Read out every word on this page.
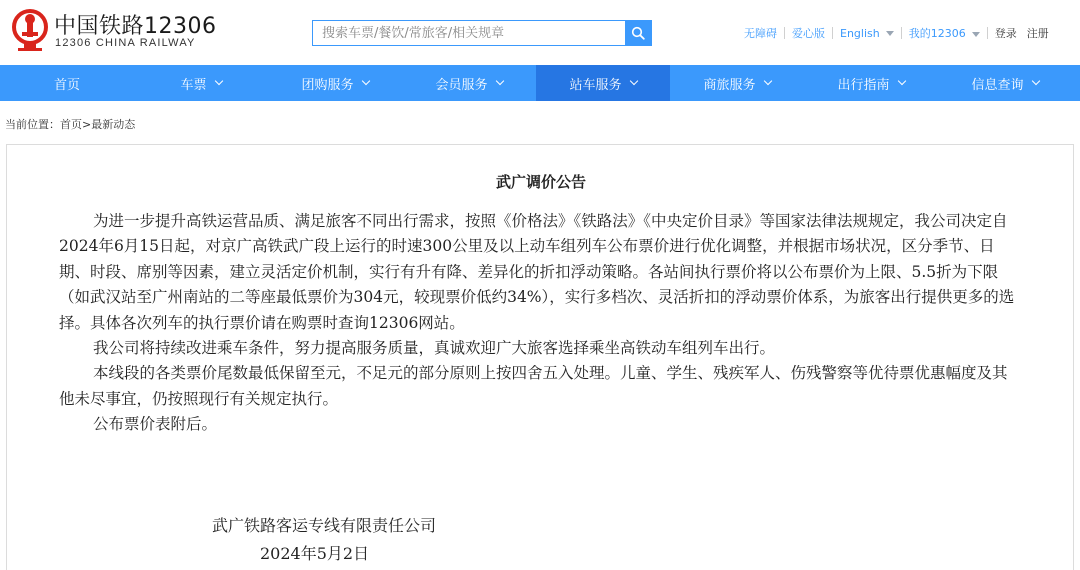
中国铁路12306
12306 CHINA RAILWAY
搜索车票/餐饮/常旅客/相关规章
无障碍 爱心版 English	我的12306	登录 注册
首页	车票	团购服务	会员服务	站车服务	商旅服务	出行指南	信息查询
当前位置：首页>最新动态
武广调价公告

为进一步提升高铁运营品质、满足旅客不同出行需求，按照《价格法》《铁路法》《中央定价目录》等国家法律法规规定，我公司决定自2024年6月15日起，对京广高铁武广段上运行的时速300公里及以上动车组列车公布票价进行优化调整，并根据市场状况，区分季节、日期、时段、席别等因素，建立灵活定价机制，实行有升有降、差异化的折扣浮动策略。各站间执行票价将以公布票价为上限、5.5折为下限（如武汉站至广州南站的二等座最低票价为304元，较现票价低约34%），实行多档次、灵活折扣的浮动票价体系，为旅客出行提供更多的选择。具体各次列车的执行票价请在购票时查询12306网站。

我公司将持续改进乘车条件，努力提高服务质量，真诚欢迎广大旅客选择乘坐高铁动车组列车出行。

本线段的各类票价尾数最低保留至元，不足元的部分原则上按四舍五入处理。儿童、学生、残疾军人、伤残警察等优待票优惠幅度及其他未尽事宜，仍按照现行有关规定执行。

公布票价表附后。

武广铁路客运专线有限责任公司
2024年5月2日
